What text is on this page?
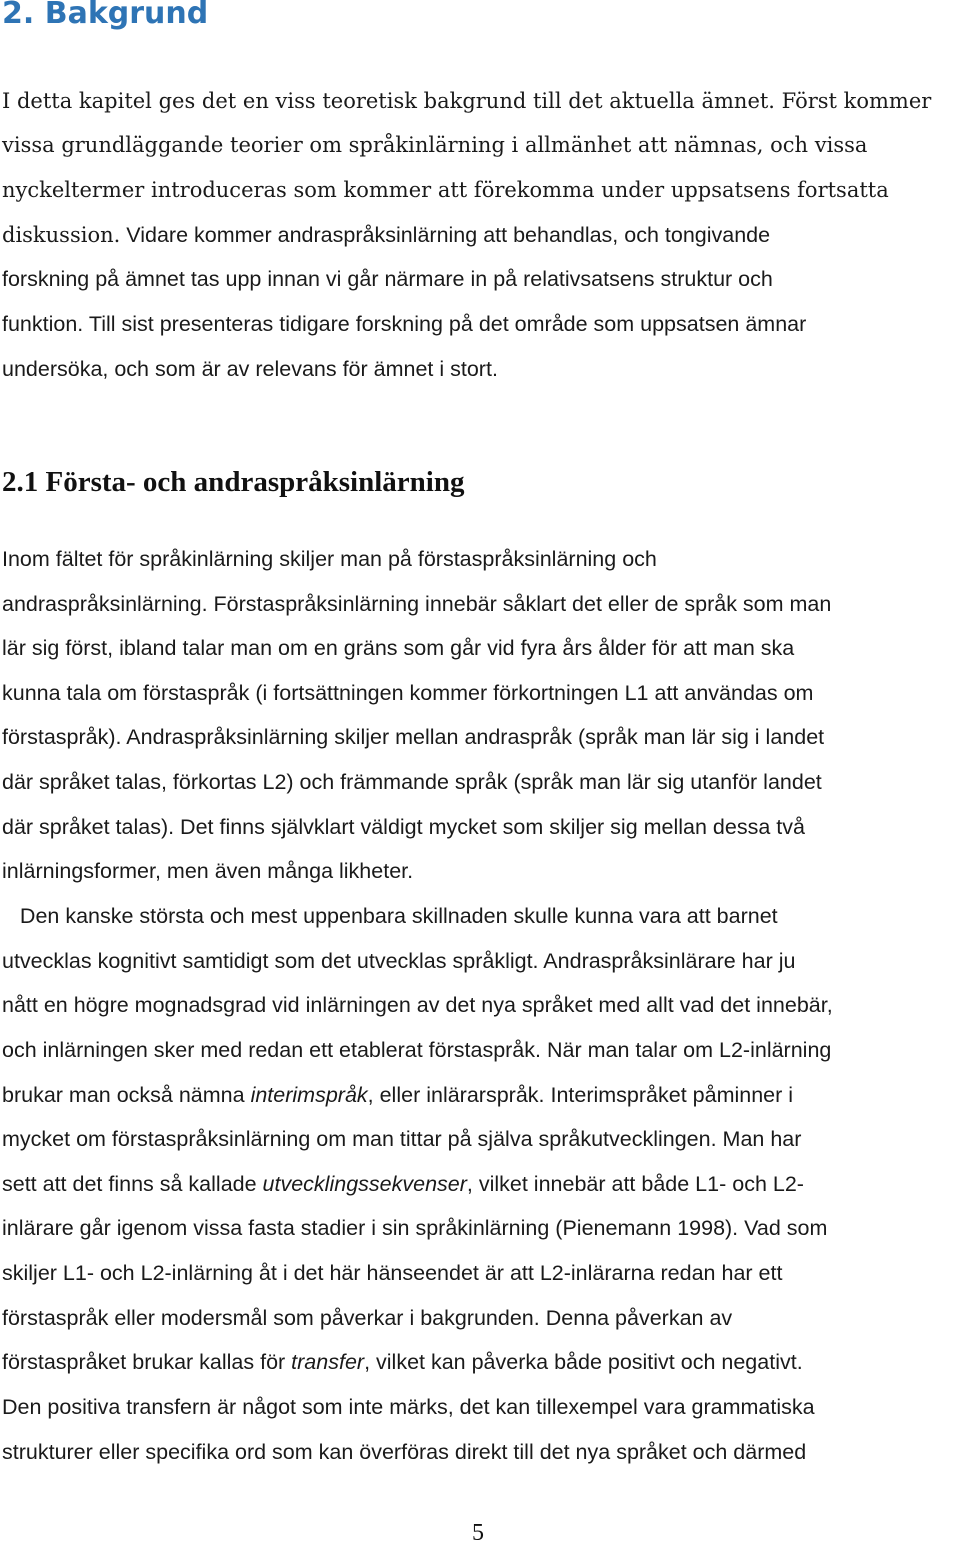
2. Bakgrund
I detta kapitel ges det en viss teoretisk bakgrund till det aktuella ämnet. Först kommer
vissa grundläggande teorier om språkinlärning i allmänhet att nämnas, och vissa
nyckeltermer introduceras som kommer att förekomma under uppsatsens fortsatta
diskussion. Vidare kommer andraspråksinlärning att behandlas, och tongivande
forskning på ämnet tas upp innan vi går närmare in på relativsatsens struktur och
funktion. Till sist presenteras tidigare forskning på det område som uppsatsen ämnar
undersöka, och som är av relevans för ämnet i stort.
2.1 Första- och andraspråksinlärning
Inom fältet för språkinlärning skiljer man på förstaspråksinlärning och
andraspråksinlärning. Förstaspråksinlärning innebär såklart det eller de språk som man
lär sig först, ibland talar man om en gräns som går vid fyra års ålder för att man ska
kunna tala om förstaspråk (i fortsättningen kommer förkortningen L1 att användas om
förstaspråk). Andraspråksinlärning skiljer mellan andraspråk (språk man lär sig i landet
där språket talas, förkortas L2) och främmande språk (språk man lär sig utanför landet
där språket talas). Det finns självklart väldigt mycket som skiljer sig mellan dessa två
inlärningsformer, men även många likheter.
Den kanske största och mest uppenbara skillnaden skulle kunna vara att barnet
utvecklas kognitivt samtidigt som det utvecklas språkligt. Andraspråksinlärare har ju
nått en högre mognadsgrad vid inlärningen av det nya språket med allt vad det innebär,
och inlärningen sker med redan ett etablerat förstaspråk. När man talar om L2-inlärning
brukar man också nämna interimspråk, eller inlärarspråk. Interimspråket påminner i
mycket om förstaspråksinlärning om man tittar på själva språkutvecklingen. Man har
sett att det finns så kallade utvecklingssekvenser, vilket innebär att både L1- och L2-
inlärare går igenom vissa fasta stadier i sin språkinlärning (Pienemann 1998). Vad som
skiljer L1- och L2-inlärning åt i det här hänseendet är att L2-inlärarna redan har ett
förstaspråk eller modersmål som påverkar i bakgrunden. Denna påverkan av
förstaspråket brukar kallas för transfer, vilket kan påverka både positivt och negativt.
Den positiva transfern är något som inte märks, det kan tillexempel vara grammatiska
strukturer eller specifika ord som kan överföras direkt till det nya språket och därmed
5
